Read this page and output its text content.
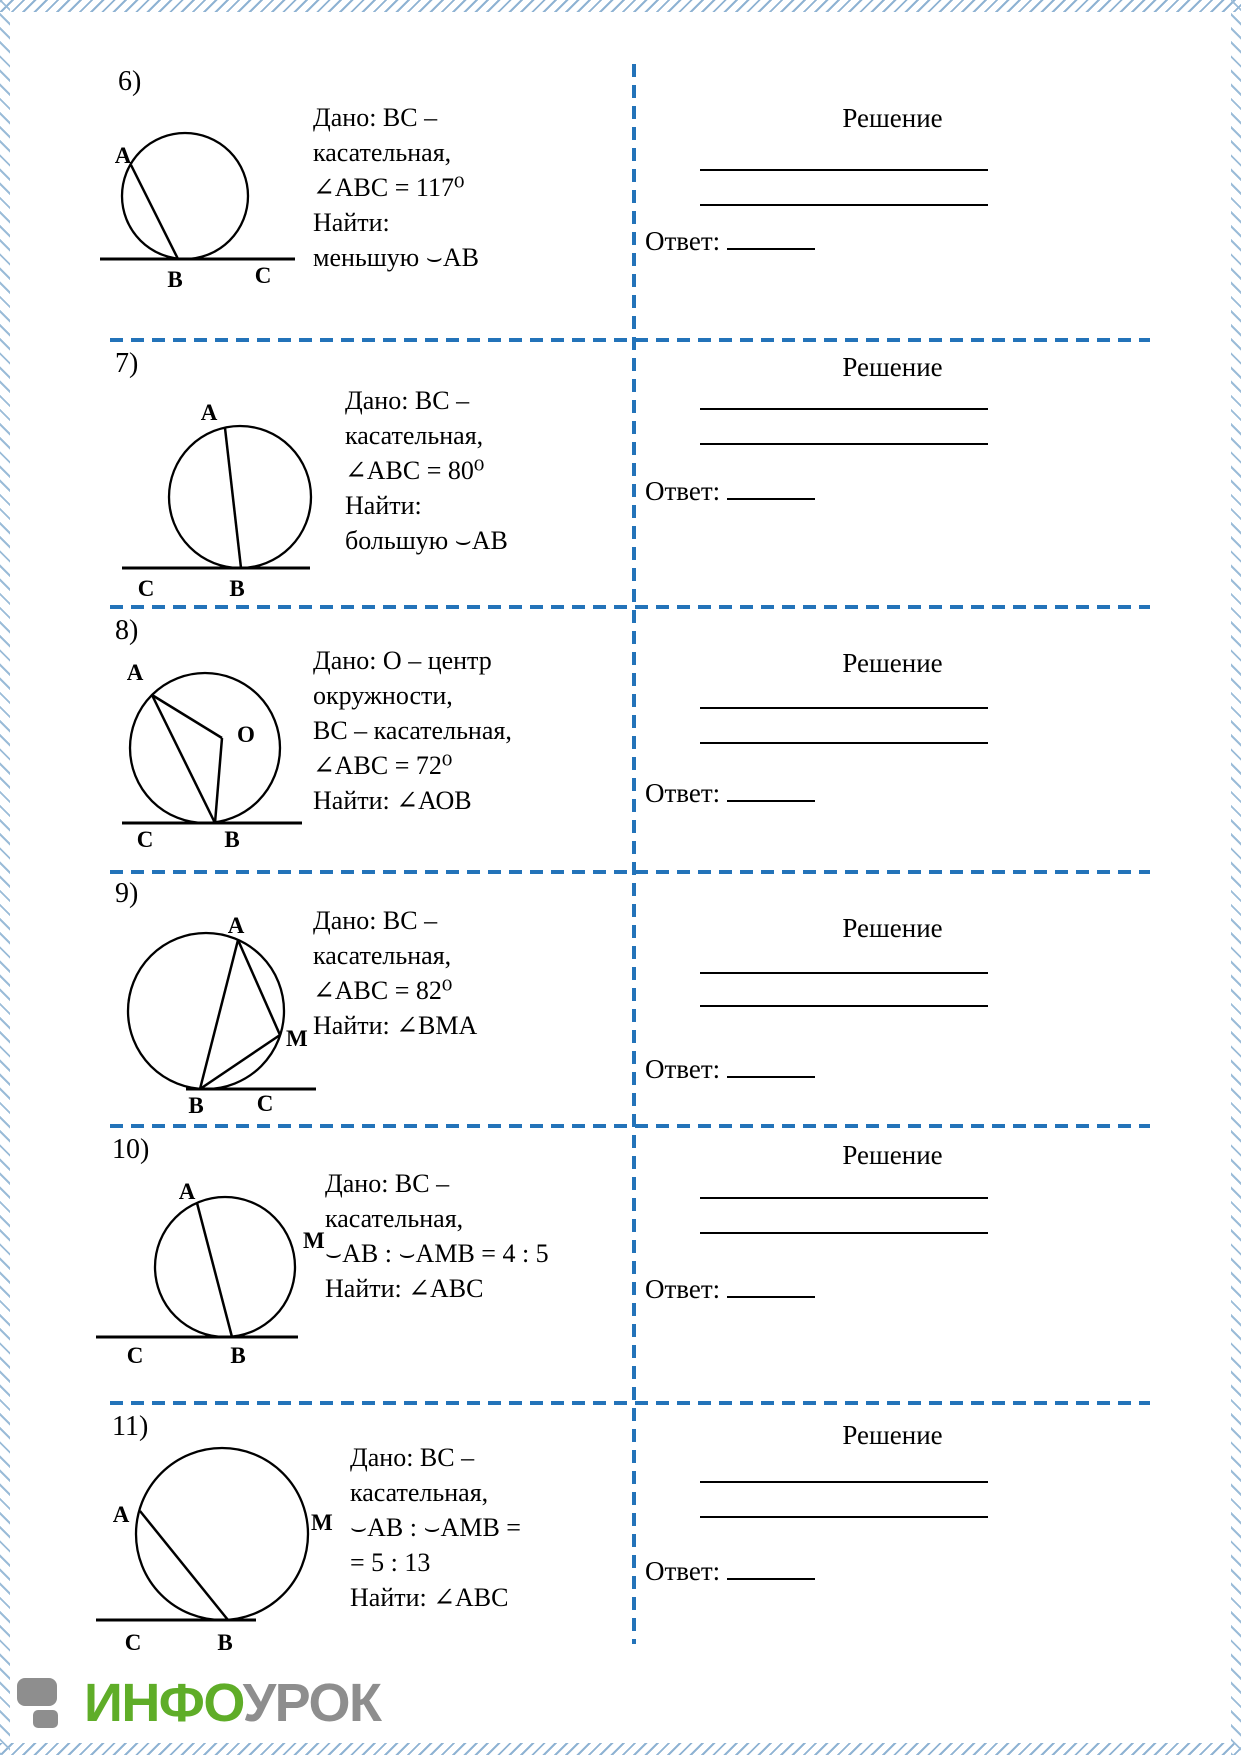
6)
А
В	С
Дано: ВС –
касательная,
∠АВС = 117⁰
Найти:
меньшую ⌣АВ
Решение
Ответ:
7)
А
С	В
Дано: ВС –
касательная,
∠АВС = 80⁰
Найти:
большую ⌣АВ
Решение
Ответ:
8)
А
О
С	В
Дано: О – центр
окружности,
ВС – касательная,
∠АВС = 72⁰
Найти: ∠АОВ
Решение
Ответ:
9)
А
М
В С
Дано: ВС –
касательная,
∠АВС = 82⁰
Найти: ∠ВМА
Решение
Ответ:
10)
А
М
С	В
Дано: ВС –
касательная,
⌣АВ : ⌣АМВ = 4 : 5
Найти: ∠АВС
Решение
Ответ:
11)
А	М
С	В
Дано: ВС –
касательная,
⌣АВ : ⌣АМВ =
= 5 : 13
Найти: ∠АВС
Решение
Ответ:
ИНФОУРОК
